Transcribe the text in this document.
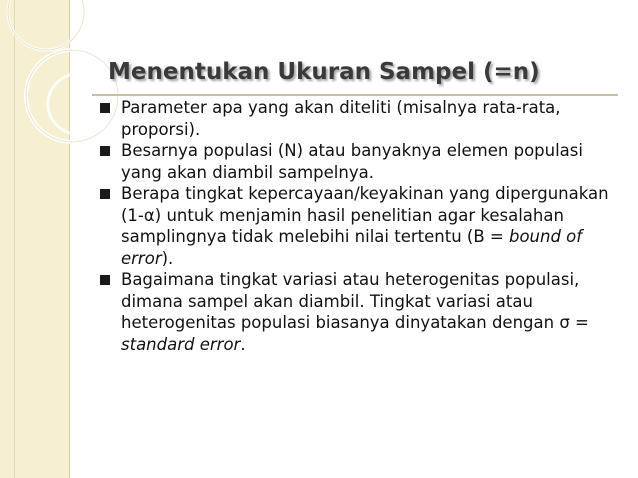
Menentukan Ukuran Sampel (=n)
Parameter apa yang akan diteliti (misalnya rata-rata, proporsi).
Besarnya populasi (N) atau banyaknya elemen populasi yang akan diambil sampelnya.
Berapa tingkat kepercayaan/keyakinan yang dipergunakan (1-α) untuk menjamin hasil penelitian agar kesalahan samplingnya tidak melebihi nilai tertentu (B = bound of error).
Bagaimana tingkat variasi atau heterogenitas populasi, dimana sampel akan diambil. Tingkat variasi atau heterogenitas populasi biasanya dinyatakan dengan σ = standard error.
